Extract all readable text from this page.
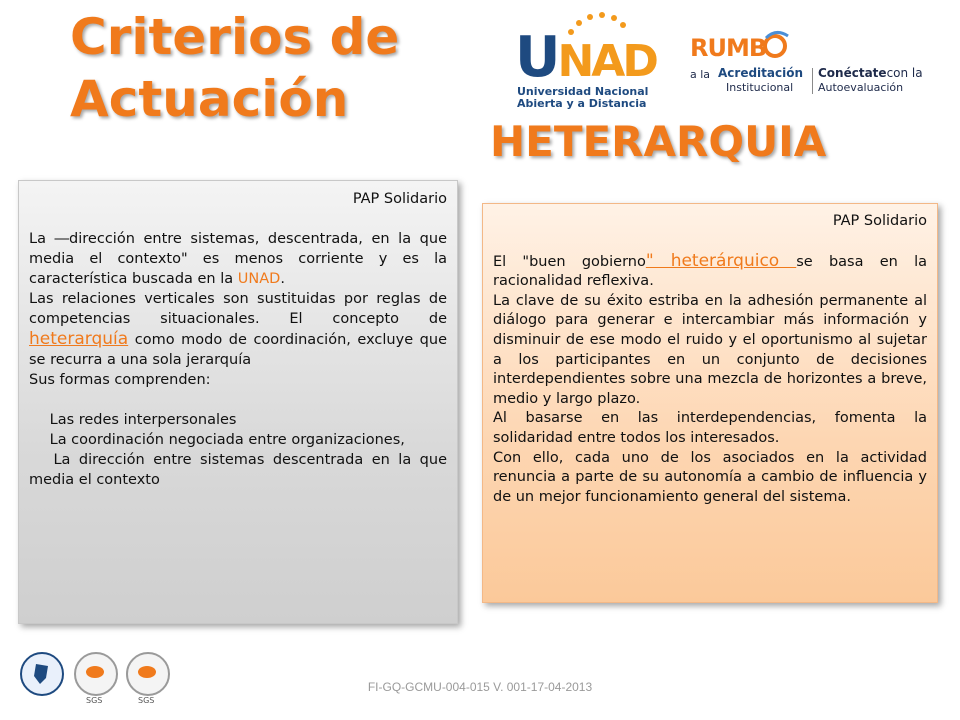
Criterios de
Actuación
HETERARQUIA
UNAD
Universidad Nacional
Abierta y a Distancia
RUMB
a la Acreditación
Institucional
Conéctatecon la
Autoevaluación

PAP Solidario

La ―dirección entre sistemas, descentrada, en la que media el contexto" es menos corriente y es la característica buscada en la UNAD.

Las relaciones verticales son sustituidas por reglas de competencias situacionales. El concepto de heterarquía como modo de coordinación, excluye que se recurra a una sola jerarquía

Sus formas comprenden:

Las redes interpersonales

La coordinación negociada entre organizaciones,

La dirección entre sistemas descentrada en la que media el contexto

PAP Solidario

El "buen gobierno" heterárquico se basa en la racionalidad reflexiva.

La clave de su éxito estriba en la adhesión permanente al diálogo para generar e intercambiar más información y disminuir de ese modo el ruido y el oportunismo al sujetar a los participantes en un conjunto de decisiones interdependientes sobre una mezcla de horizontes a breve, medio y largo plazo.

Al basarse en las interdependencias, fomenta la solidaridad entre todos los interesados.

Con ello, cada uno de los asociados en la actividad renuncia a parte de su autonomía a cambio de influencia y de un mejor funcionamiento general del sistema.

SGS	SGS
FI-GQ-GCMU-004-015 V. 001-17-04-2013
